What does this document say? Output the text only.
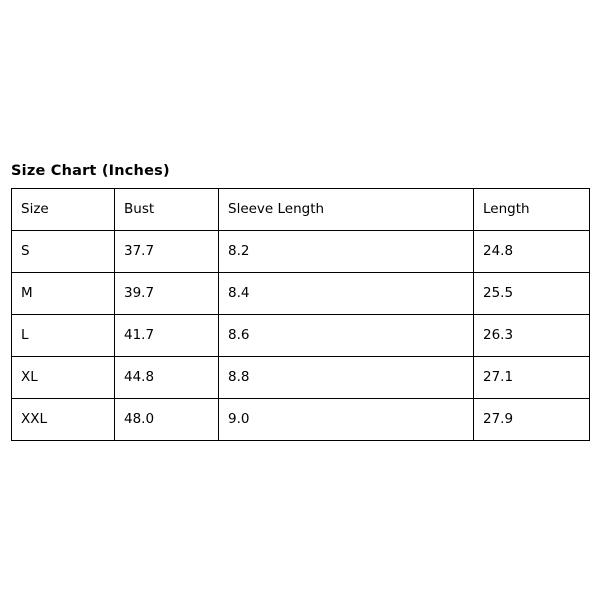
Size Chart (Inches)
Size	Bust	Sleeve Length	Length
S	37.7	8.2	24.8
M	39.7	8.4	25.5
L	41.7	8.6	26.3
XL	44.8	8.8	27.1
XXL	48.0	9.0	27.9
